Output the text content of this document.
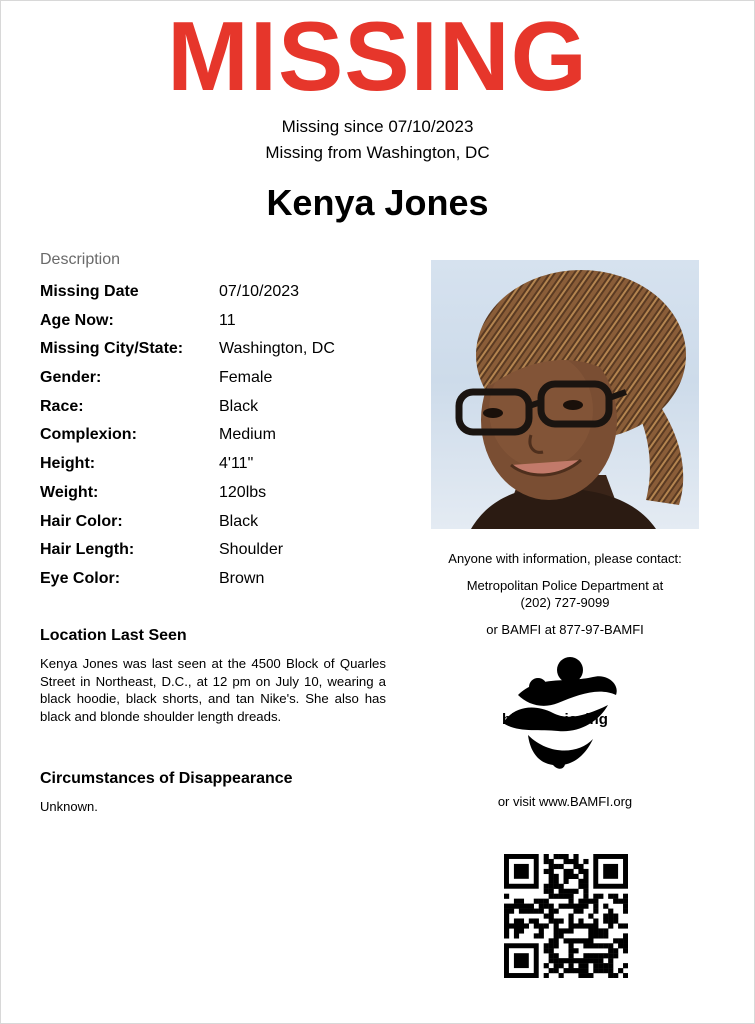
MISSING
Missing since 07/10/2023
Missing from Washington, DC
Kenya Jones
Description
Missing Date	07/10/2023
Age Now:	11
Missing City/State: Washington, DC
Gender:	Female
Race:	Black
Complexion:	Medium
Height:	4'11"
Weight:	120lbs
Hair Color:	Black
Hair Length:	Shoulder
Eye Color:	Brown
Location Last Seen
Kenya Jones was last seen at the 4500 Block of Quarles Street in Northeast, D.C., at 12 pm on July 10, wearing a black hoodie, black shorts, and tan Nike's. She also has black and blonde shoulder length dreads.
Circumstances of Disappearance
Unknown.
Anyone with information, please contact:
Metropolitan Police Department at
(202) 727-9099
or BAMFI at 877-97-BAMFI
black&missing
or visit www.BAMFI.org
